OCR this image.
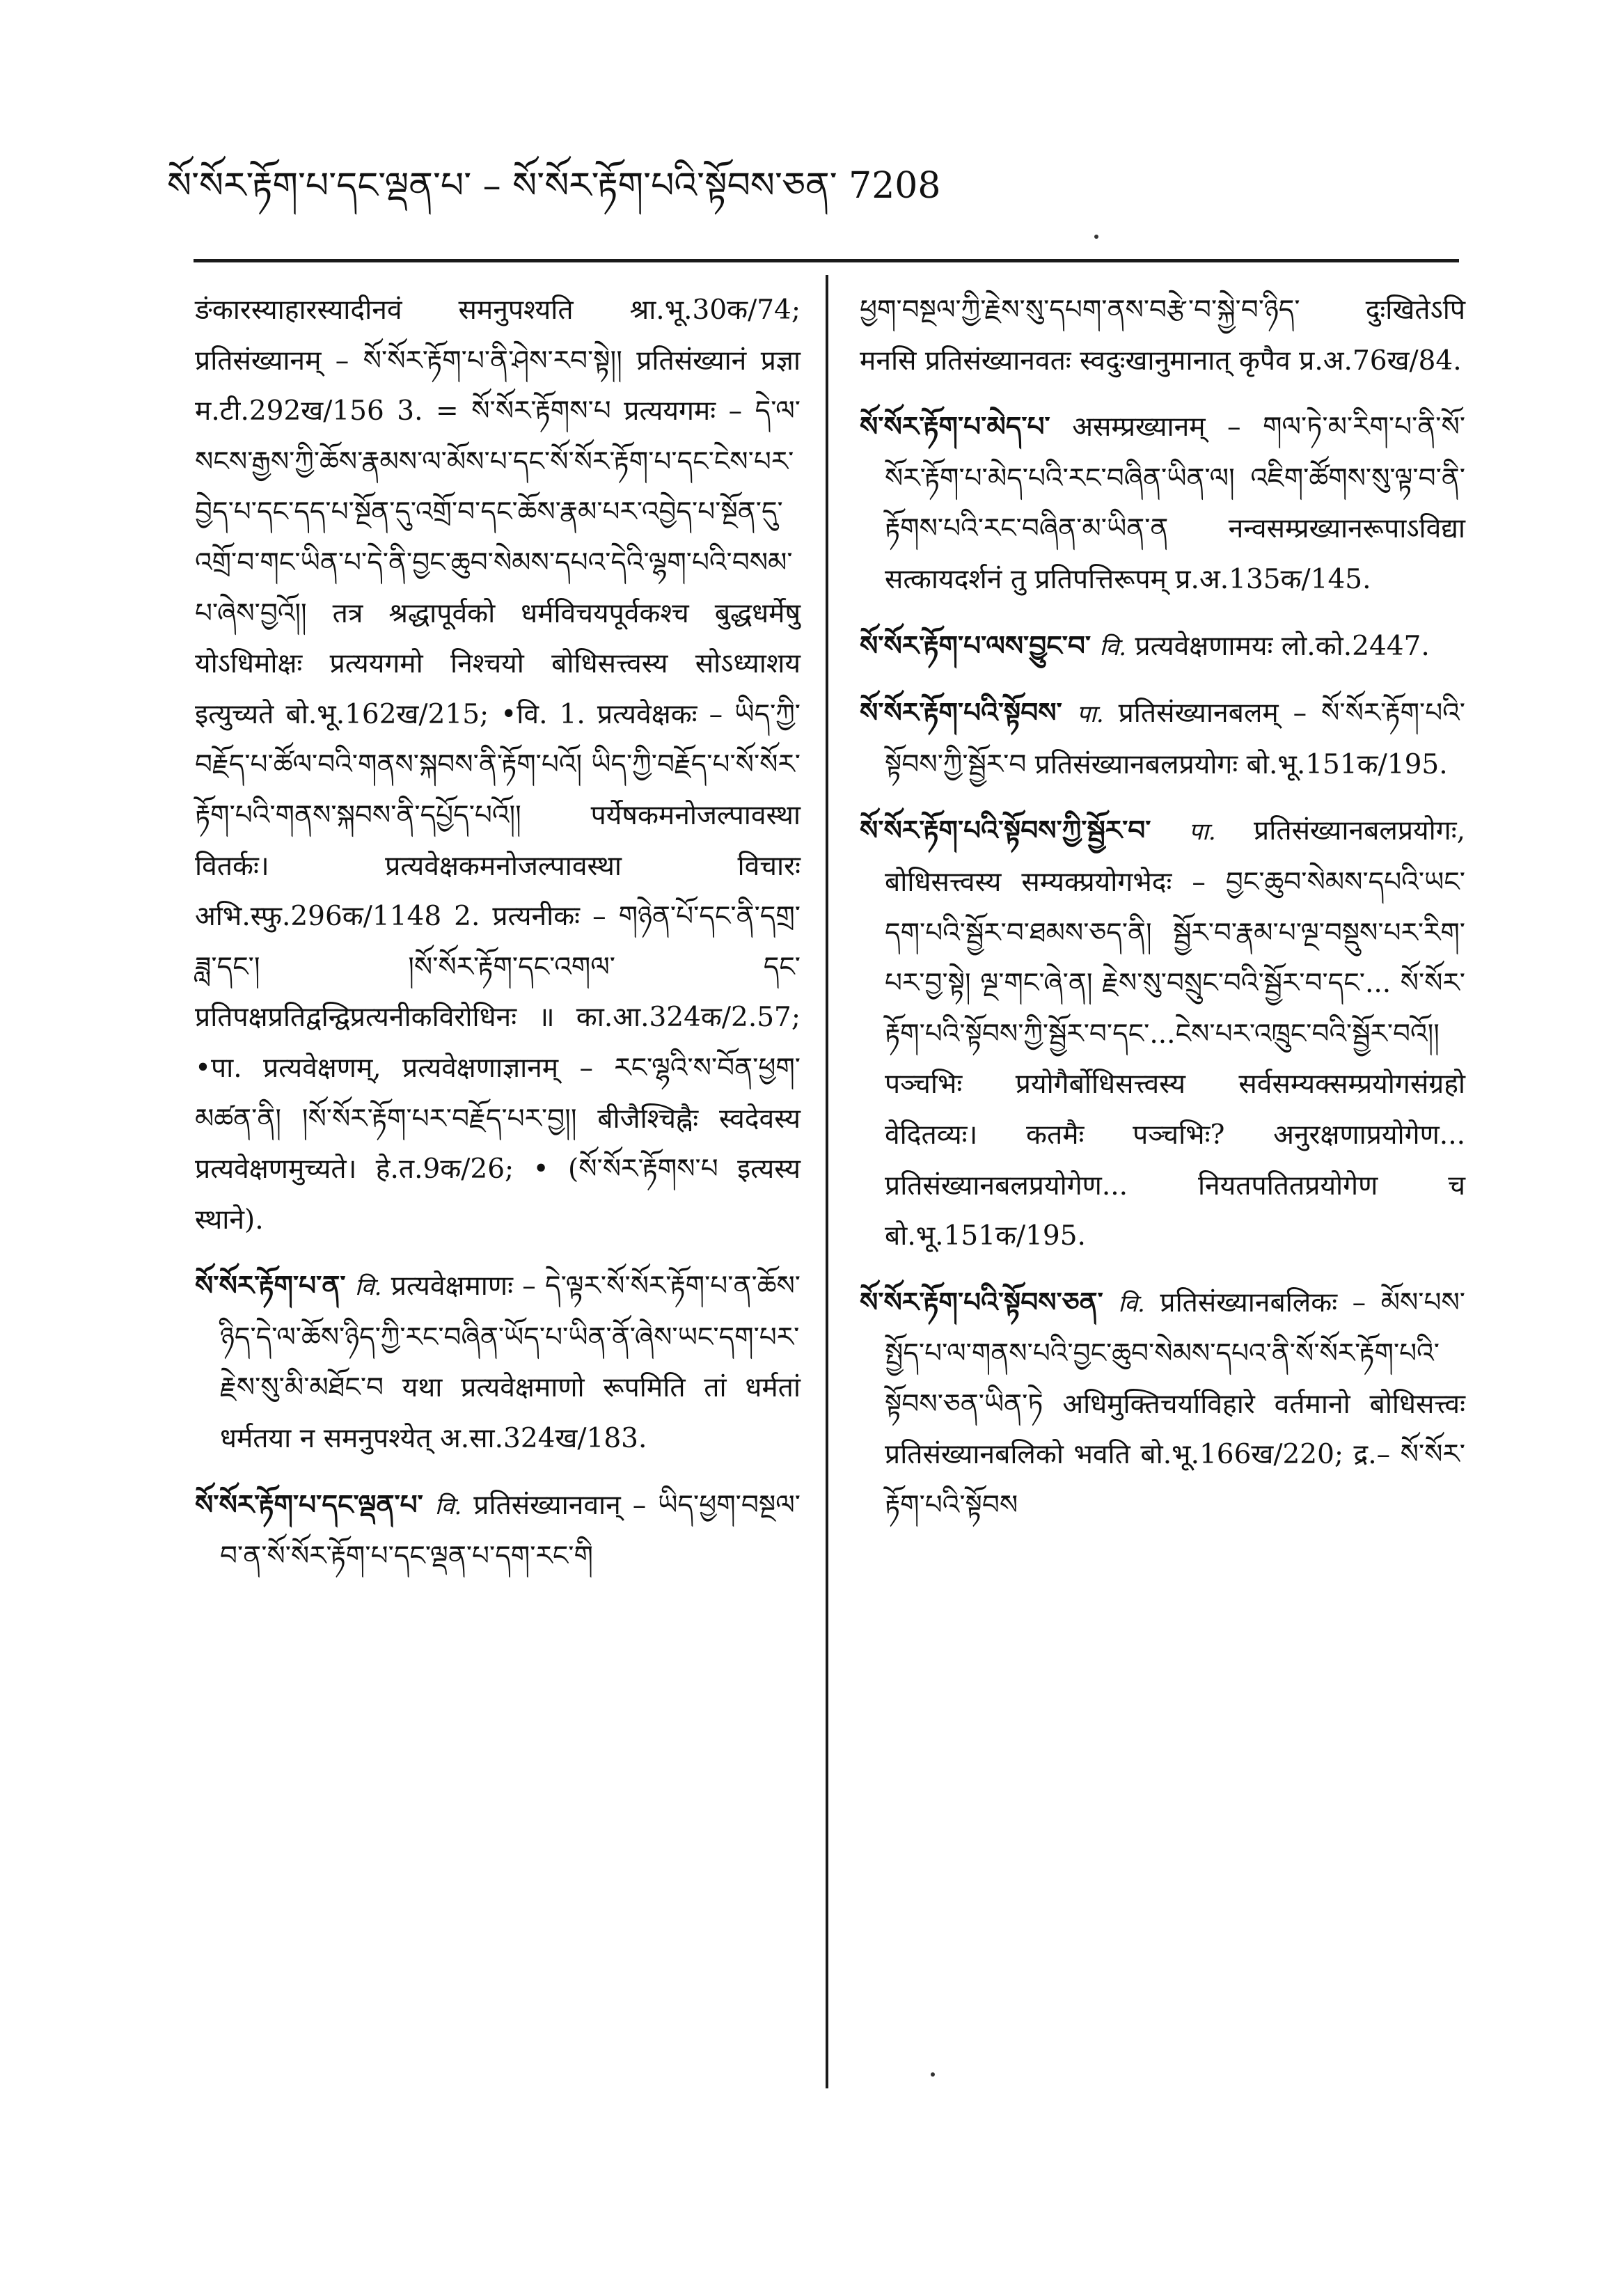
སོ་སོར་རྟོག་པ་དང་ལྡན་པ་ – སོ་སོར་རྟོག་པའི་སྟོབས་ཅན་ 7208

ङंकारस्याहारस्यादीनवं समनुपश्यति श्रा.भू.30क/74; प्रतिसंख्यानम् – སོ་སོར་རྟོག་པ་ནི་ཤེས་རབ་སྟེ།། प्रतिसंख्यानं प्रज्ञा म.टी.292ख/156 3. = སོ་སོར་རྟོགས་པ प्रत्ययगमः – དེ་ལ་སངས་རྒྱས་ཀྱི་ཆོས་རྣམས་ལ་མོས་པ་དང་སོ་སོར་རྟོག་པ་དང་ངེས་པར་བྱེད་པ་དང་དད་པ་སྔོན་དུ་འགྲོ་བ་དང་ཆོས་རྣམ་པར་འབྱེད་པ་སྔོན་དུ་འགྲོ་བ་གང་ཡིན་པ་དེ་ནི་བྱང་ཆུབ་སེམས་དཔའ་དེའི་ལྷག་པའི་བསམ་པ་ཞེས་བྱའོ།། तत्र श्रद्धापूर्वको धर्मविचयपूर्वकश्च बुद्धधर्मेषु योऽधिमोक्षः प्रत्ययगमो निश्चयो बोधिसत्त्वस्य सोऽध्याशय इत्युच्यते बो.भू.162ख/215; •वि. 1. प्रत्यवेक्षकः – ཡིད་ཀྱི་བརྗོད་པ་ཚོལ་བའི་གནས་སྐབས་ནི་རྟོག་པའོ། ཡིད་ཀྱི་བརྗོད་པ་སོ་སོར་རྟོག་པའི་གནས་སྐབས་ནི་དཔྱོད་པའོ།། पर्येषकमनोजल्पावस्था वितर्कः। प्रत्यवेक्षकमनोजल्पावस्था विचारः अभि.स्फु.296क/1148 2. प्रत्यनीकः – གཉེན་པོ་དང་ནི་དགྲ་ཟླ་དང་། །སོ་སོར་རྟོག་དང་འགལ་ དང་ प्रतिपक्षप्रतिद्वन्द्विप्रत्यनीकविरोधिनः ॥ का.आ.324क/2.57; •पा. प्रत्यवेक्षणम्, प्रत्यवेक्षणाज्ञानम् – རང་ལྷའི་ས་བོན་ཕྱག་མཚན་ནི། །སོ་སོར་རྟོག་པར་བརྗོད་པར་བྱ།། बीजैश्चिह्नैः स्वदेवस्य प्रत्यवेक्षणमुच्यते। हे.त.9क/26; • (སོ་སོར་རྟོགས་པ इत्यस्य स्थाने).

སོ་སོར་རྟོག་པ་ན་ वि. प्रत्यवेक्षमाणः – དེ་ལྟར་སོ་སོར་རྟོག་པ་ན་ཆོས་ཉིད་དེ་ལ་ཆོས་ཉིད་ཀྱི་རང་བཞིན་ཡོད་པ་ཡིན་ནོ་ཞེས་ཡང་དག་པར་རྗེས་སུ་མི་མཐོང་བ यथा प्रत्यवेक्षमाणो रूपमिति तां धर्मतां धर्मतया न समनुपश्येत् अ.सा.324ख/183.

སོ་སོར་རྟོག་པ་དང་ལྡན་པ་ वि. प्रतिसंख्यानवान् – ཡིད་ཕྱག་བསྔལ་བ་ན་སོ་སོར་རྟོག་པ་དང་ལྡན་པ་དག་རང་གི

ཕྱག་བསྔལ་ཀྱི་རྗེས་སུ་དཔག་ནས་བརྩེ་བ་སྐྱེ་བ་ཉིད་ दुःखितेऽपि मनसि प्रतिसंख्यानवतः स्वदुःखानुमानात् कृपैव प्र.अ.76ख/84.

སོ་སོར་རྟོག་པ་མེད་པ་ असम्प्रख्यानम् – གལ་ཏེ་མ་རིག་པ་ནི་སོ་སོར་རྟོག་པ་མེད་པའི་རང་བཞིན་ཡིན་ལ། འཇིག་ཚོགས་སུ་ལྟ་བ་ནི་རྟོགས་པའི་རང་བཞིན་མ་ཡིན་ན नन्वसम्प्रख्यानरूपाऽविद्या सत्कायदर्शनं तु प्रतिपत्तिरूपम् प्र.अ.135क/145.

སོ་སོར་རྟོག་པ་ལས་བྱུང་བ་ वि. प्रत्यवेक्षणामयः लो.को.2447.

སོ་སོར་རྟོག་པའི་སྟོབས་ पा. प्रतिसंख्यानबलम् – སོ་སོར་རྟོག་པའི་སྟོབས་ཀྱི་སྦྱོར་བ प्रतिसंख्यानबलप्रयोगः बो.भू.151क/195.

སོ་སོར་རྟོག་པའི་སྟོབས་ཀྱི་སྦྱོར་བ་ पा. प्रतिसंख्यानबलप्रयोगः, बोधिसत्त्वस्य सम्यक्प्रयोगभेदः – བྱང་ཆུབ་སེམས་དཔའི་ཡང་དག་པའི་སྦྱོར་བ་ཐམས་ཅད་ནི། སྦྱོར་བ་རྣམ་པ་ལྔ་བསྡུས་པར་རིག་པར་བྱ་སྟེ། ལྔ་གང་ཞེ་ན། རྗེས་སུ་བསྲུང་བའི་སྦྱོར་བ་དང་... སོ་སོར་རྟོག་པའི་སྟོབས་ཀྱི་སྦྱོར་བ་དང་...ངེས་པར་འཁྲུང་བའི་སྦྱོར་བའོ།། पञ्चभिः प्रयोगैर्बोधिसत्त्वस्य सर्वसम्यक्सम्प्रयोगसंग्रहो वेदितव्यः। कतमैः पञ्चभिः? अनुरक्षणाप्रयोगेण... प्रतिसंख्यानबलप्रयोगेण... नियतपतितप्रयोगेण च बो.भू.151क/195.

སོ་སོར་རྟོག་པའི་སྟོབས་ཅན་ वि. प्रतिसंख्यानबलिकः – མོས་པས་སྤྱོད་པ་ལ་གནས་པའི་བྱང་ཆུབ་སེམས་དཔའ་ནི་སོ་སོར་རྟོག་པའི་སྟོབས་ཅན་ཡིན་ཏེ अधिमुक्तिचर्याविहारे वर्तमानो बोधिसत्त्वः प्रतिसंख्यानबलिको भवति बो.भू.166ख/220; द्र.– སོ་སོར་རྟོག་པའི་སྟོབས
